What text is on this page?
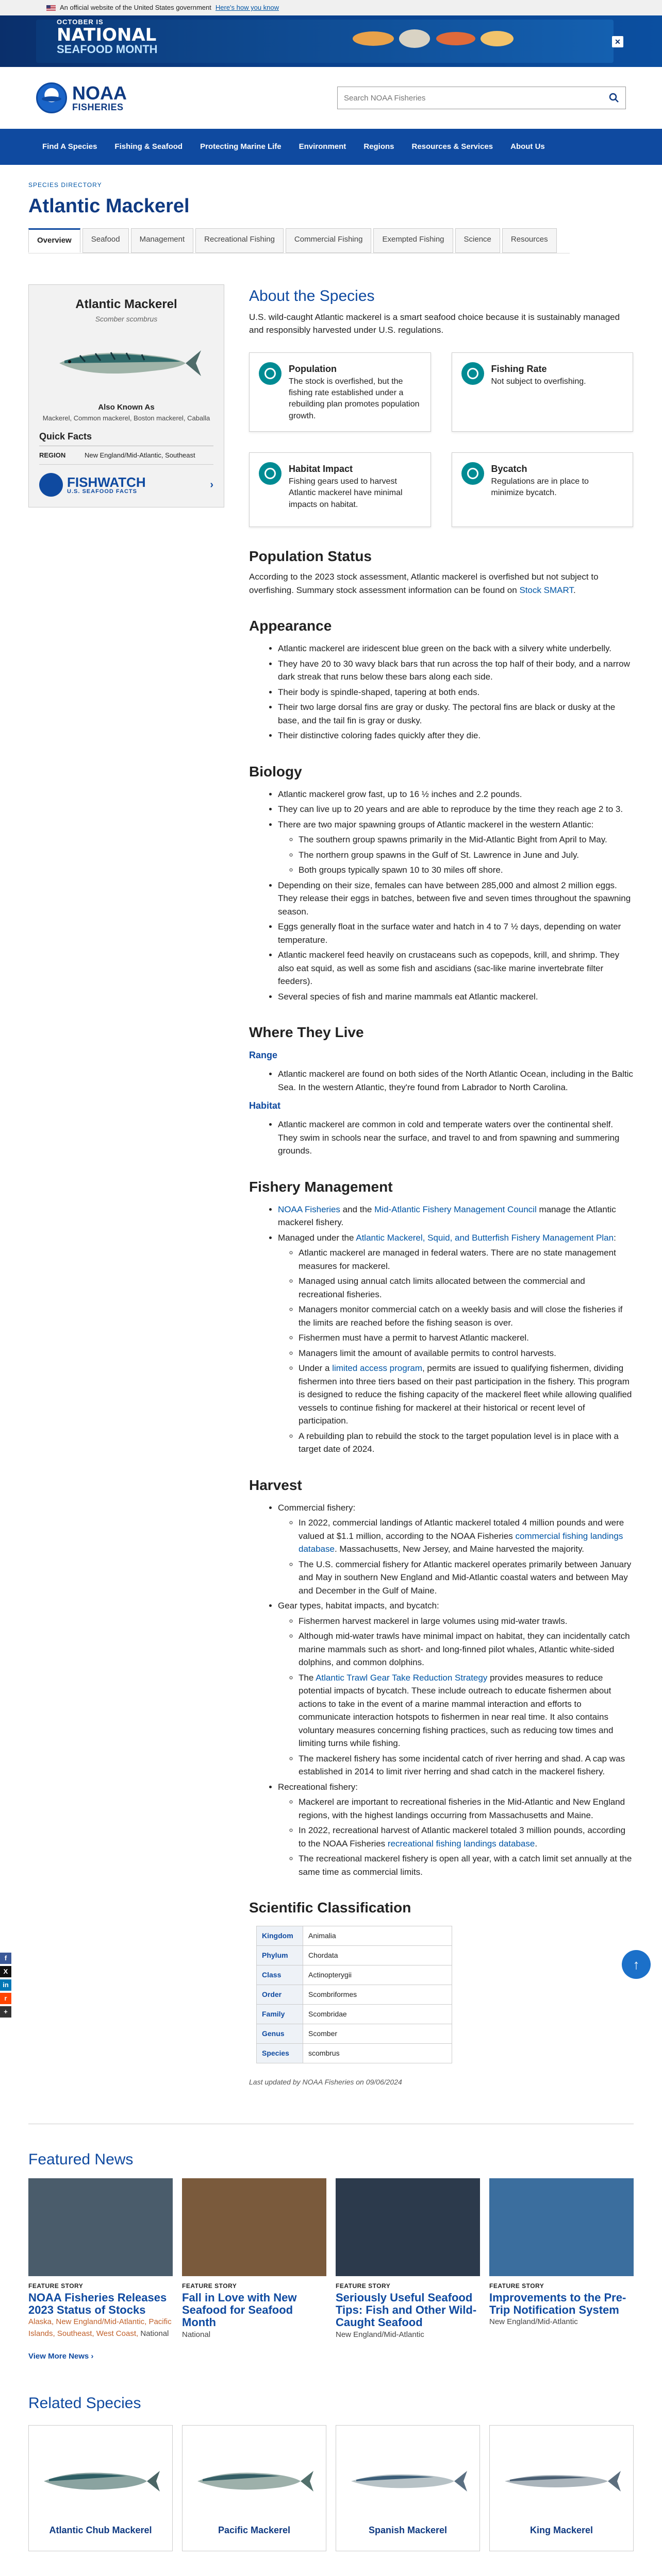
An official website of the United States government Here's how you know
OCTOBER IS
NATIONAL
SEAFOOD MONTH
✕
NOAA
FISHERIES
Search NOAA Fisheries
Find A Species Fishing & Seafood Protecting Marine Life Environment Regions Resources & Services About Us
SPECIES DIRECTORY
Atlantic Mackerel
Overview	Seafood	Management	Recreational Fishing	Commercial Fishing	Exempted Fishing	Science	Resources
Atlantic Mackerel
Scomber scombrus
Also Known As
Mackerel, Common mackerel, Boston mackerel, Caballa
Quick Facts
REGION	New England/Mid-Atlantic, Southeast
FISHWATCH
U.S. SEAFOOD FACTS
›
About the Species

U.S. wild-caught Atlantic mackerel is a smart seafood choice because it is sustainably managed and responsibly harvested under U.S. regulations.

Population
The stock is overfished, but the fishing rate established under a rebuilding plan promotes population growth.
Fishing Rate
Not subject to overfishing.
Habitat Impact
Fishing gears used to harvest Atlantic mackerel have minimal impacts on habitat.
Bycatch
Regulations are in place to minimize bycatch.
Population Status

According to the 2023 stock assessment, Atlantic mackerel is overfished but not subject to overfishing. Summary stock assessment information can be found on Stock SMART.

Appearance
• Atlantic mackerel are iridescent blue green on the back with a silvery white underbelly.
• They have 20 to 30 wavy black bars that run across the top half of their body, and a narrow dark streak that runs below these bars along each side.
• Their body is spindle-shaped, tapering at both ends.
• Their two large dorsal fins are gray or dusky. The pectoral fins are black or dusky at the base, and the tail fin is gray or dusky.
• Their distinctive coloring fades quickly after they die.
Biology
• Atlantic mackerel grow fast, up to 16 ½ inches and 2.2 pounds.
• They can live up to 20 years and are able to reproduce by the time they reach age 2 to 3.
• There are two major spawning groups of Atlantic mackerel in the western Atlantic:
◦ The southern group spawns primarily in the Mid-Atlantic Bight from April to May.
◦ The northern group spawns in the Gulf of St. Lawrence in June and July.
◦ Both groups typically spawn 10 to 30 miles off shore.
• Depending on their size, females can have between 285,000 and almost 2 million eggs. They release their eggs in batches, between five and seven times throughout the spawning season.
• Eggs generally float in the surface water and hatch in 4 to 7 ½ days, depending on water temperature.
• Atlantic mackerel feed heavily on crustaceans such as copepods, krill, and shrimp. They also eat squid, as well as some fish and ascidians (sac-like marine invertebrate filter feeders).
• Several species of fish and marine mammals eat Atlantic mackerel.
Where They Live
Range
• Atlantic mackerel are found on both sides of the North Atlantic Ocean, including in the Baltic Sea. In the western Atlantic, they're found from Labrador to North Carolina.
Habitat
• Atlantic mackerel are common in cold and temperate waters over the continental shelf. They swim in schools near the surface, and travel to and from spawning and summering grounds.
Fishery Management
• NOAA Fisheries and the Mid-Atlantic Fishery Management Council manage the Atlantic mackerel fishery.
• Managed under the Atlantic Mackerel, Squid, and Butterfish Fishery Management Plan:
◦ Atlantic mackerel are managed in federal waters. There are no state management measures for mackerel.
◦ Managed using annual catch limits allocated between the commercial and recreational fisheries.
◦ Managers monitor commercial catch on a weekly basis and will close the fisheries if the limits are reached before the fishing season is over.
◦ Fishermen must have a permit to harvest Atlantic mackerel.
◦ Managers limit the amount of available permits to control harvests.
◦ Under a limited access program, permits are issued to qualifying fishermen, dividing fishermen into three tiers based on their past participation in the fishery. This program is designed to reduce the fishing capacity of the mackerel fleet while allowing qualified vessels to continue fishing for mackerel at their historical or recent level of participation.
◦ A rebuilding plan to rebuild the stock to the target population level is in place with a target date of 2024.
Harvest
• Commercial fishery:
◦ In 2022, commercial landings of Atlantic mackerel totaled 4 million pounds and were valued at $1.1 million, according to the NOAA Fisheries commercial fishing landings database. Massachusetts, New Jersey, and Maine harvested the majority.
◦ The U.S. commercial fishery for Atlantic mackerel operates primarily between January and May in southern New England and Mid-Atlantic coastal waters and between May and December in the Gulf of Maine.
• Gear types, habitat impacts, and bycatch:
◦ Fishermen harvest mackerel in large volumes using mid-water trawls.
◦ Although mid-water trawls have minimal impact on habitat, they can incidentally catch marine mammals such as short- and long-finned pilot whales, Atlantic white-sided dolphins, and common dolphins.
◦ The Atlantic Trawl Gear Take Reduction Strategy provides measures to reduce potential impacts of bycatch. These include outreach to educate fishermen about actions to take in the event of a marine mammal interaction and efforts to communicate interaction hotspots to fishermen in near real time. It also contains voluntary measures concerning fishing practices, such as reducing tow times and limiting turns while fishing.
◦ The mackerel fishery has some incidental catch of river herring and shad. A cap was established in 2014 to limit river herring and shad catch in the mackerel fishery.
• Recreational fishery:
◦ Mackerel are important to recreational fisheries in the Mid-Atlantic and New England regions, with the highest landings occurring from Massachusetts and Maine.
◦ In 2022, recreational harvest of Atlantic mackerel totaled 3 million pounds, according to the NOAA Fisheries recreational fishing landings database.
◦ The recreational mackerel fishery is open all year, with a catch limit set annually at the same time as commercial limits.
Scientific Classification
Kingdom	Animalia
Phylum	Chordata
Class	Actinopterygii
Order	Scombriformes
Family	Scombridae
Genus	Scomber
Species	scombrus
Last updated by NOAA Fisheries on 09/06/2024
Featured News
FEATURE STORY
NOAA Fisheries Releases 2023 Status of Stocks
Alaska, New England/Mid-Atlantic, Pacific Islands, Southeast, West Coast, National
FEATURE STORY
Fall in Love with New Seafood for Seafood Month
National
FEATURE STORY
Seriously Useful Seafood Tips: Fish and Other Wild-Caught Seafood
New England/Mid-Atlantic
FEATURE STORY
Improvements to the Pre-Trip Notification System
New England/Mid-Atlantic
View More News ›
Related Species
Atlantic Chub Mackerel	Pacific Mackerel	Spanish Mackerel	King Mackerel
f
X
in
r
+
↑
